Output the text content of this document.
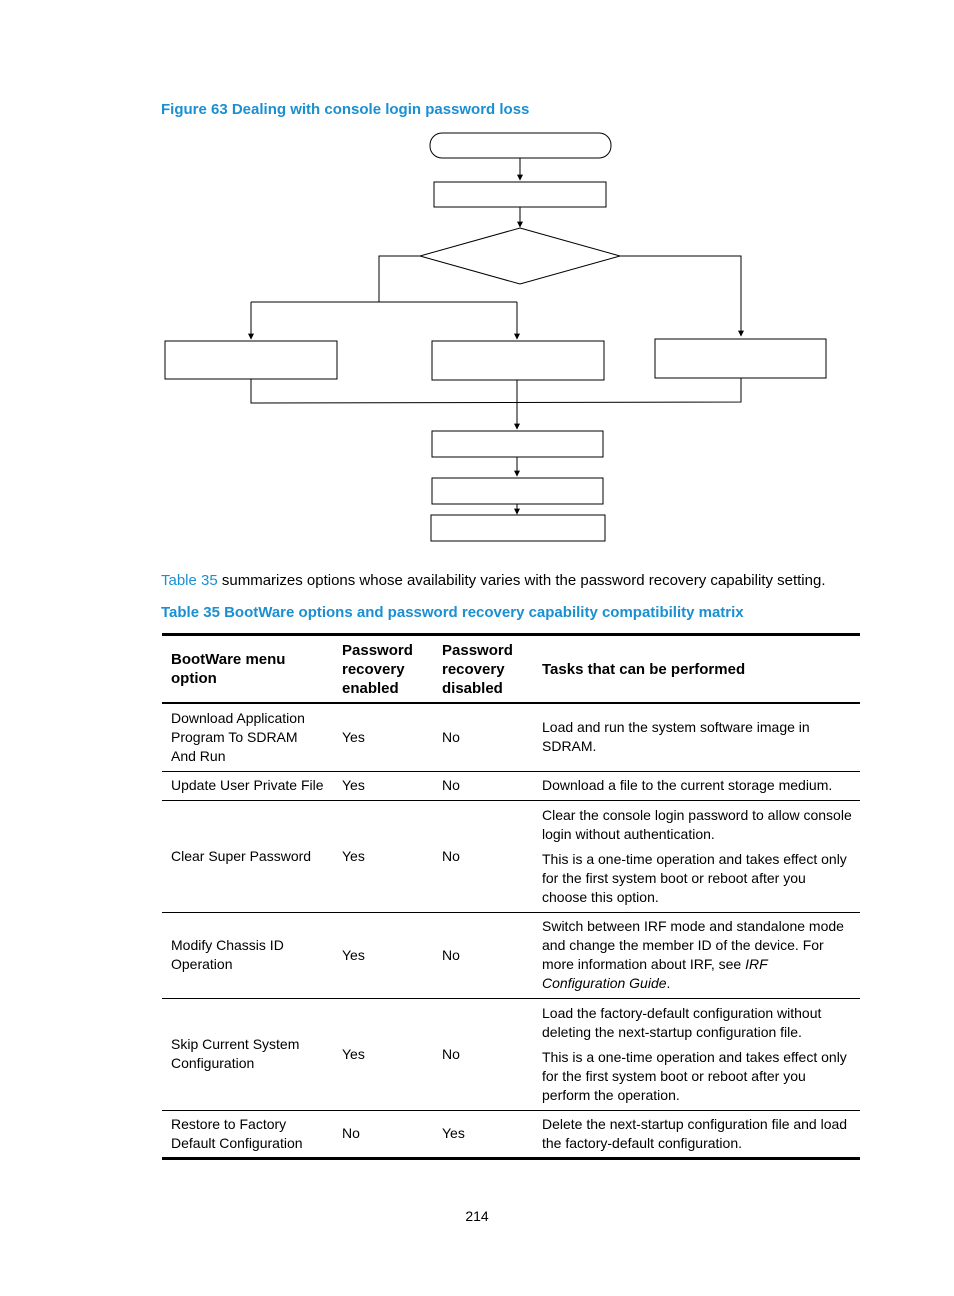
Figure 63 Dealing with console login password loss

Table 35 summarizes options whose availability varies with the password recovery capability setting.

Table 35 BootWare options and password recovery capability compatibility matrix

BootWare menu option	Password recovery enabled	Password recovery disabled	Tasks that can be performed
Download Application Program To SDRAM And Run	Yes	No	Load and run the system software image in SDRAM.

Update User Private File	Yes	No	Download a file to the current storage medium.

Clear Super Password	Yes	No	Clear the console login password to allow console login without authentication.

This is a one-time operation and takes effect only for the first system boot or reboot after you choose this option.

Modify Chassis ID Operation	Yes	No	Switch between IRF mode and standalone mode and change the member ID of the device. For more information about IRF, see IRF Configuration Guide.

Skip Current System Configuration	Yes	No	Load the factory-default configuration without deleting the next-startup configuration file.

This is a one-time operation and takes effect only for the first system boot or reboot after you perform the operation.

Restore to Factory Default Configuration	No	Yes	Delete the next-startup configuration file and load the factory-default configuration.

214
